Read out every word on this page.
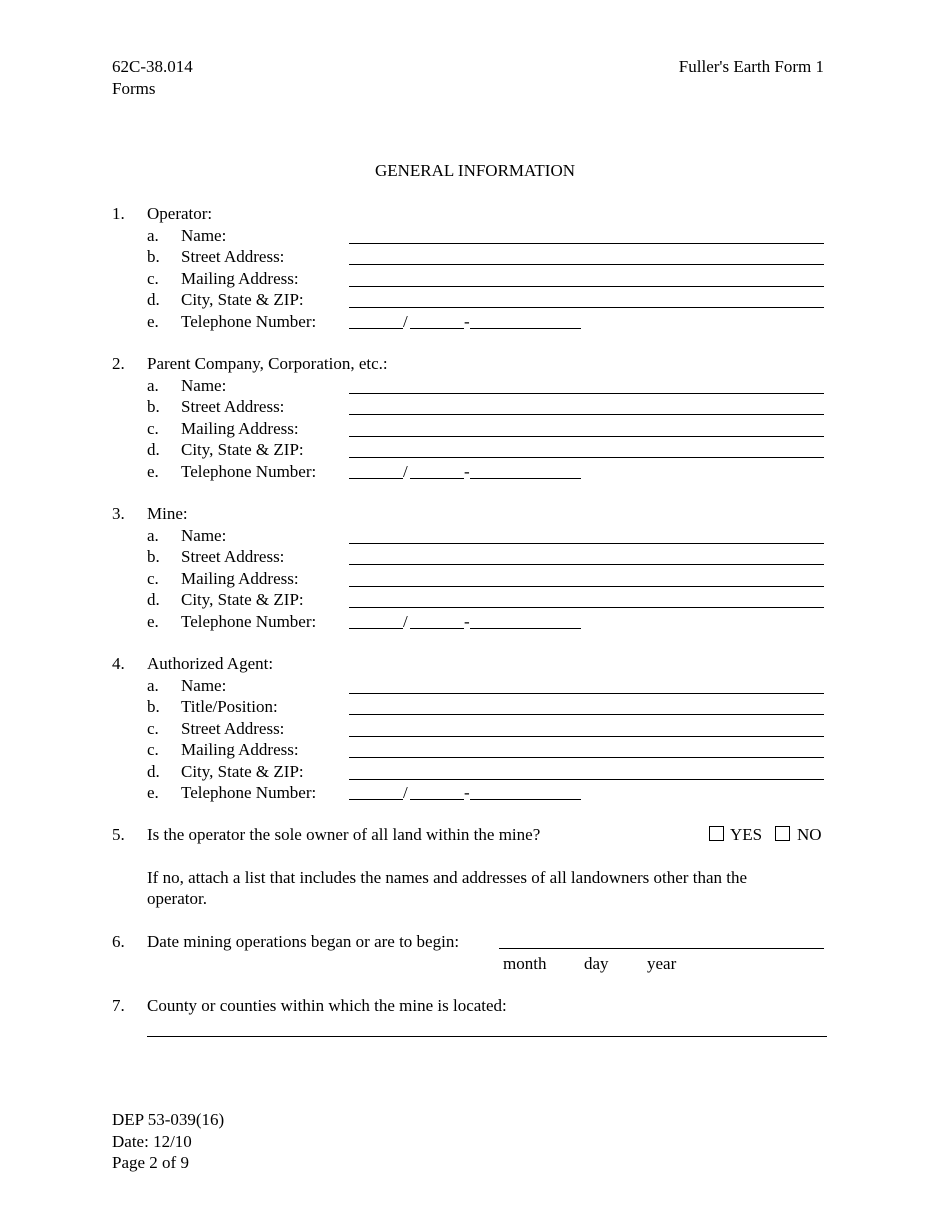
62C-38.014
Forms
Fuller's Earth Form 1
GENERAL INFORMATION
1. Operator:
a. Name:
b. Street Address:
c. Mailing Address:
d. City, State & ZIP:
e. Telephone Number:	/	-
2. Parent Company, Corporation, etc.:
a. Name:
b. Street Address:
c. Mailing Address:
d. City, State & ZIP:
e. Telephone Number:	/	-
3. Mine:
a. Name:
b. Street Address:
c. Mailing Address:
d. City, State & ZIP:
e. Telephone Number:	/	-
4. Authorized Agent:
a. Name:
b. Title/Position:
c. Street Address:
c. Mailing Address:
d. City, State & ZIP:
e. Telephone Number:	/	-
5. Is the operator the sole owner of all land within the mine?	YES NO
If no, attach a list that includes the names and addresses of all landowners other than the
operator.
6. Date mining operations began or are to begin:
month day year
7. County or counties within which the mine is located:
DEP 53-039(16)
Date: 12/10
Page 2 of 9
